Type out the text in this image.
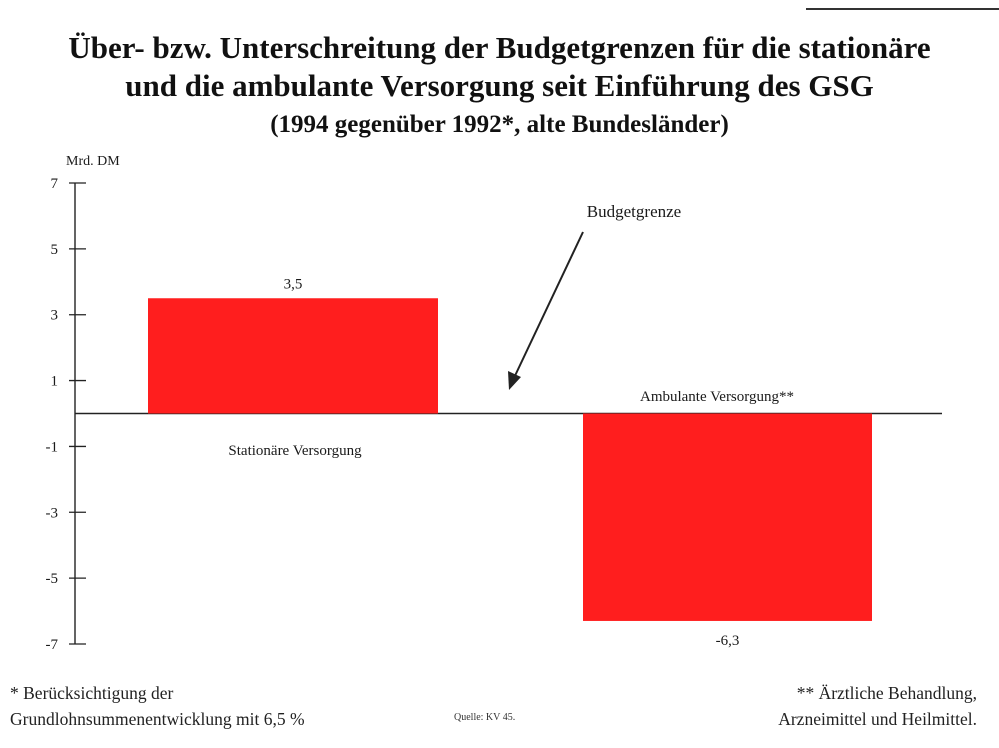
Über- bzw. Unterschreitung der Budgetgrenzen für die stationäre
und die ambulante Versorgung seit Einführung des GSG
(1994 gegenüber 1992*, alte Bundesländer)
Mrd. DM
7
5
3
1
-1
-3
-5
-7
3,5
-6,3
Stationäre Versorgung
Ambulante Versorgung**
Budgetgrenze
* Berücksichtigung der
Grundlohnsummenentwicklung mit 6,5 %
** Ärztliche Behandlung,
Arzneimittel und Heilmittel.
Quelle: KV 45.
